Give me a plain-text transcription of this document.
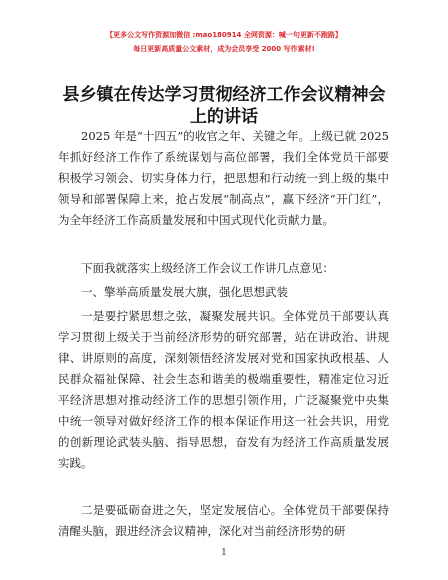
【更多公文写作资源加微信 :mao180914 全网资源：喊一句更新不跑路】
每日更新高质量公文素材，成为会员享受 2000 写作素材!
县乡镇在传达学习贯彻经济工作会议精神会上的讲话

2025 年是“十四五”的收官之年、关键之年。上级已就 2025 年抓好经济工作作了系统谋划与高位部署，我们全体党员干部要积极学习领会、切实身体力行，把思想和行动统一到上级的集中领导和部署保障上来，抢占发展“制高点”，赢下经济“开门红”，为全年经济工作高质量发展和中国式现代化贡献力量。

下面我就落实上级经济工作会议工作讲几点意见：

一、擎举高质量发展大旗，强化思想武装

一是要拧紧思想之弦，凝聚发展共识。全体党员干部要认真学习贯彻上级关于当前经济形势的研究部署，站在讲政治、讲规律、讲原则的高度，深刻领悟经济发展对党和国家执政根基、人民群众福祉保障、社会生态和谐美的极端重要性，精准定位习近平经济思想对推动经济工作的思想引领作用，广泛凝聚党中央集中统一领导对做好经济工作的根本保证作用这一社会共识，用党的创新理论武装头脑、指导思想，奋发有为经济工作高质量发展实践。

二是要砥砺奋进之矢，坚定发展信心。全体党员干部要保持清醒头脑，跟进经济会议精神，深化对当前经济形势的研

1
